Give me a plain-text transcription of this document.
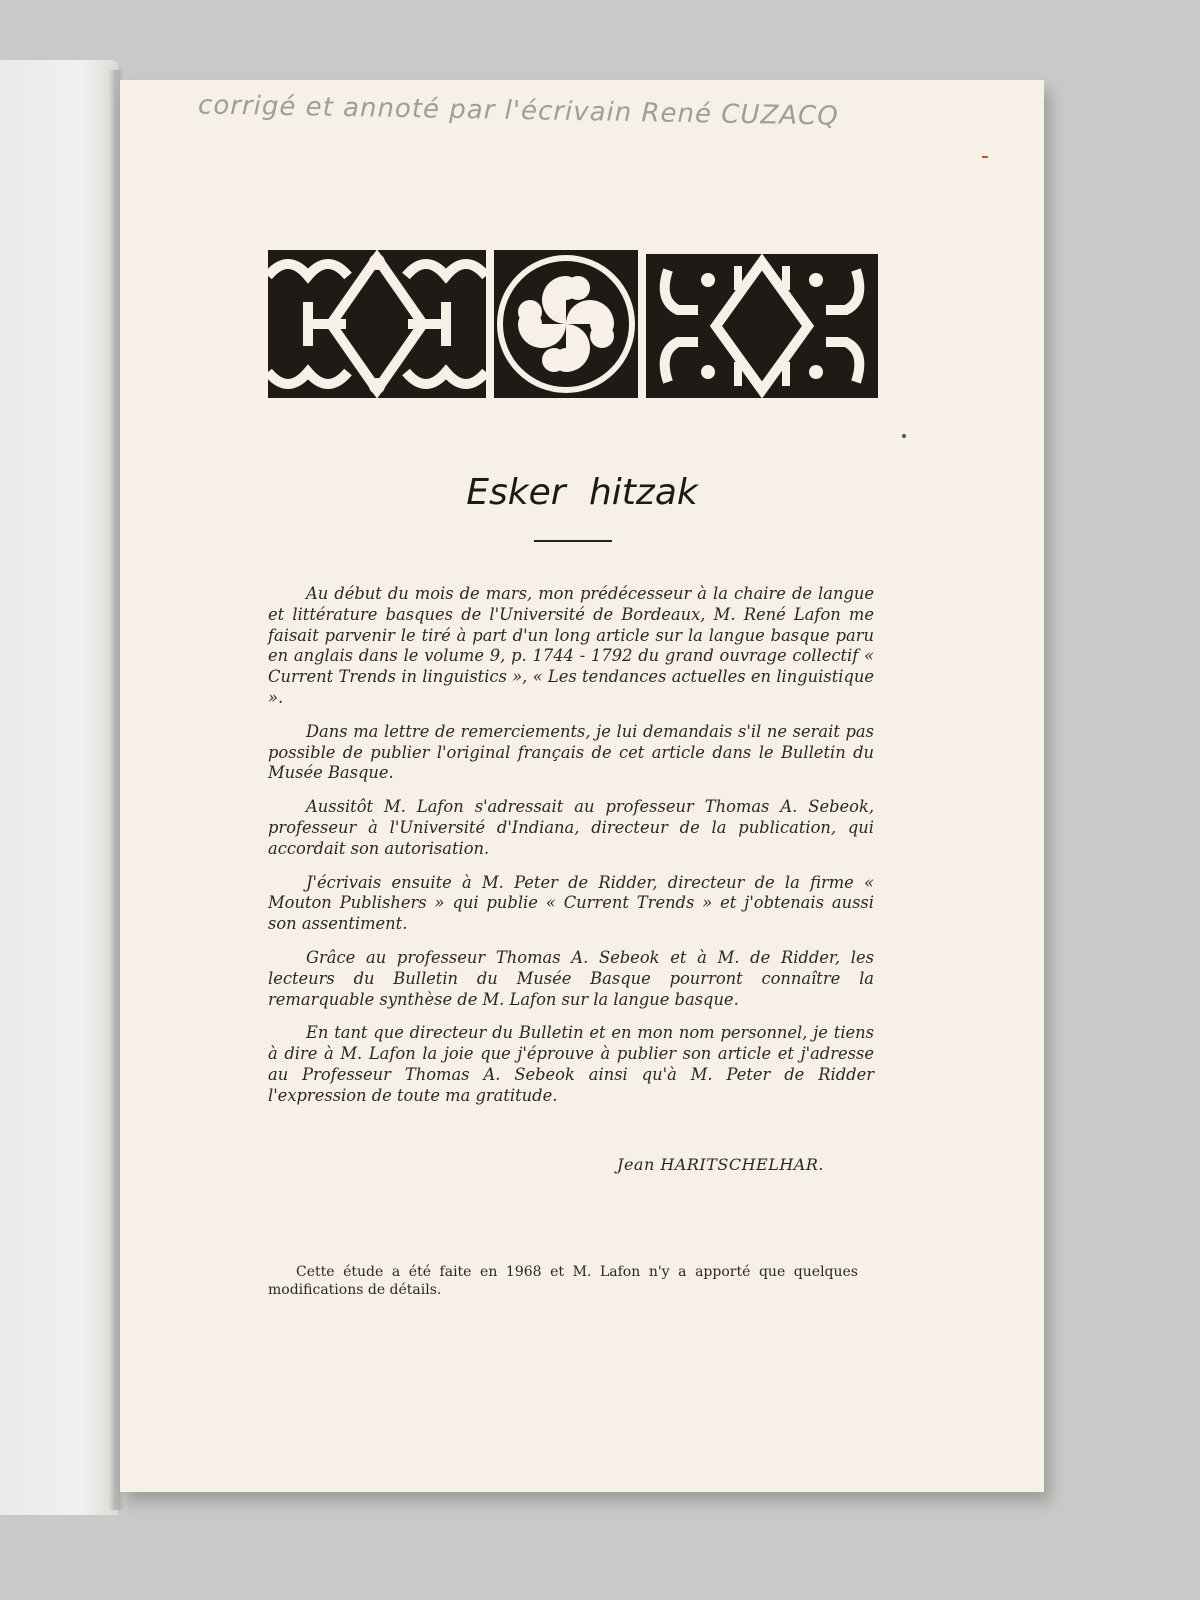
corrigé et annoté par l'écrivain René CUZACQ
Esker hitzak

Au début du mois de mars, mon prédécesseur à la chaire de langue et littérature basques de l'Université de Bordeaux, M. René Lafon me faisait parvenir le tiré à part d'un long article sur la langue basque paru en anglais dans le volume 9, p. 1744 - 1792 du grand ouvrage collectif « Current Trends in linguistics », « Les tendances actuelles en linguistique ».

Dans ma lettre de remerciements, je lui demandais s'il ne serait pas possible de publier l'original français de cet article dans le Bulletin du Musée Basque.

Aussitôt M. Lafon s'adressait au professeur Thomas A. Sebeok, professeur à l'Université d'Indiana, directeur de la publication, qui accordait son autorisation.

J'écrivais ensuite à M. Peter de Ridder, directeur de la firme « Mouton Publishers » qui publie « Current Trends » et j'obtenais aussi son assentiment.

Grâce au professeur Thomas A. Sebeok et à M. de Ridder, les lecteurs du Bulletin du Musée Basque pourront connaître la remarquable synthèse de M. Lafon sur la langue basque.

En tant que directeur du Bulletin et en mon nom personnel, je tiens à dire à M. Lafon la joie que j'éprouve à publier son article et j'adresse au Professeur Thomas A. Sebeok ainsi qu'à M. Peter de Ridder l'expression de toute ma gratitude.

Jean HARITSCHELHAR.

Cette étude a été faite en 1968 et M. Lafon n'y a apporté que quelques modifications de détails.
